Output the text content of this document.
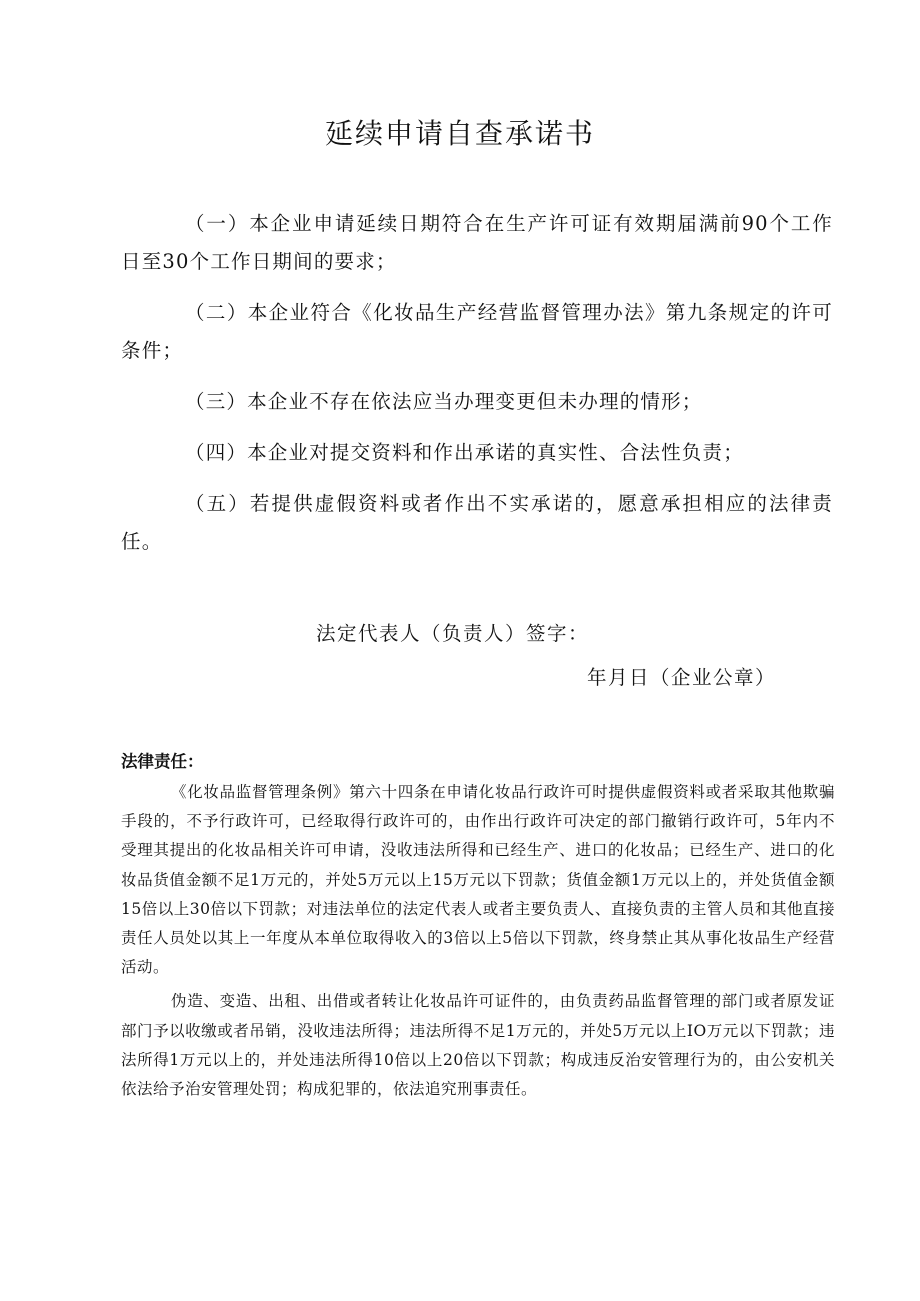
延续申请自查承诺书

（一）本企业申请延续日期符合在生产许可证有效期届满前90个工作日至30个工作日期间的要求；

（二）本企业符合《化妆品生产经营监督管理办法》第九条规定的许可条件；

（三）本企业不存在依法应当办理变更但未办理的情形；

（四）本企业对提交资料和作出承诺的真实性、合法性负责；

（五）若提供虚假资料或者作出不实承诺的，愿意承担相应的法律责任。

法定代表人（负责人）签字：
年月日（企业公章）
法律责任：

《化妆品监督管理条例》第六十四条在申请化妆品行政许可时提供虚假资料或者采取其他欺骗手段的，不予行政许可，已经取得行政许可的，由作出行政许可决定的部门撤销行政许可，5年内不受理其提出的化妆品相关许可申请，没收违法所得和已经生产、进口的化妆品；已经生产、进口的化妆品货值金额不足1万元的，并处5万元以上15万元以下罚款；货值金额1万元以上的，并处货值金额15倍以上30倍以下罚款；对违法单位的法定代表人或者主要负责人、直接负责的主管人员和其他直接责任人员处以其上一年度从本单位取得收入的3倍以上5倍以下罚款，终身禁止其从事化妆品生产经营活动。

伪造、变造、出租、出借或者转让化妆品许可证件的，由负责药品监督管理的部门或者原发证部门予以收缴或者吊销，没收违法所得；违法所得不足1万元的，并处5万元以上IO万元以下罚款；违法所得1万元以上的，并处违法所得10倍以上20倍以下罚款；构成违反治安管理行为的，由公安机关依法给予治安管理处罚；构成犯罪的，依法追究刑事责任。
